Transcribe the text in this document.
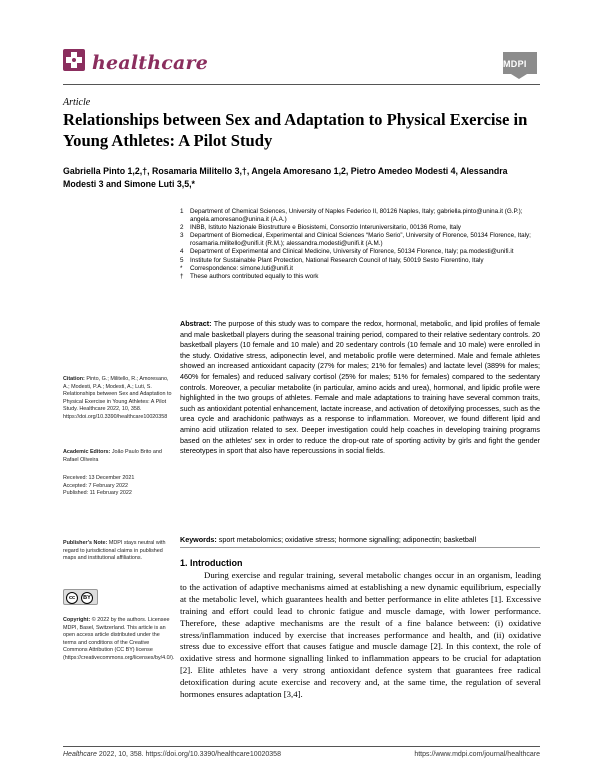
healthcare	MDPI
Article
Relationships between Sex and Adaptation to Physical Exercise in Young Athletes: A Pilot Study
Gabriella Pinto 1,2,†, Rosamaria Militello 3,†, Angela Amoresano 1,2, Pietro Amedeo Modesti 4, Alessandra Modesti 3 and Simone Luti 3,5,*
1 Department of Chemical Sciences, University of Naples Federico II, 80126 Naples, Italy; gabriella.pinto@unina.it (G.P.); angela.amoresano@unina.it (A.A.)
2 INBB, Istituto Nazionale Biostrutture e Biosistemi, Consorzio Interuniversitario, 00136 Rome, Italy
3 Department of Biomedical, Experimental and Clinical Sciences “Mario Serio”, University of Florence, 50134 Florence, Italy; rosamaria.militello@unifi.it (R.M.); alessandra.modesti@unifi.it (A.M.)
4 Department of Experimental and Clinical Medicine, University of Florence, 50134 Florence, Italy; pa.modesti@unifi.it
5 Institute for Sustainable Plant Protection, National Research Council of Italy, 50019 Sesto Fiorentino, Italy
* Correspondence: simone.luti@unifi.it
† These authors contributed equally to this work
Abstract: The purpose of this study was to compare the redox, hormonal, metabolic, and lipid profiles of female and male basketball players during the seasonal training period, compared to their relative sedentary controls. 20 basketball players (10 female and 10 male) and 20 sedentary controls (10 female and 10 male) were enrolled in the study. Oxidative stress, adiponectin level, and metabolic profile were determined. Male and female athletes showed an increased antioxidant capacity (27% for males; 21% for females) and lactate level (389% for males; 460% for females) and reduced salivary cortisol (25% for males; 51% for females) compared to the sedentary controls. Moreover, a peculiar metabolite (in particular, amino acids and urea), hormonal, and lipidic profile were highlighted in the two groups of athletes. Female and male adaptations to training have several common traits, such as antioxidant potential enhancement, lactate increase, and activation of detoxifying processes, such as the urea cycle and arachidonic pathways as a response to inflammation. Moreover, we found different lipid and amino acid utilization related to sex. Deeper investigation could help coaches in developing training programs based on the athletes’ sex in order to reduce the drop-out rate of sporting activity by girls and fight the gender stereotypes in sport that also have repercussions in social fields.
Keywords: sport metabolomics; oxidative stress; hormone signalling; adiponectin; basketball
1. Introduction

During exercise and regular training, several metabolic changes occur in an organism, leading to the activation of adaptive mechanisms aimed at establishing a new dynamic equilibrium, especially at the metabolic level, which guarantees health and better performance in elite athletes [1]. Excessive training and effort could lead to chronic fatigue and muscle damage, with lower performance. Therefore, these adaptive mechanisms are the result of a fine balance between: (i) oxidative stress/inflammation induced by exercise that increases performance and health, and (ii) oxidative stress due to excessive effort that causes fatigue and muscle damage [2]. In this context, the role of oxidative stress and hormone signalling linked to inflammation appears to be crucial for adaptation [2]. Elite athletes have a very strong antioxidant defence system that guarantees free radical detoxification during acute exercise and recovery and, at the same time, the regulation of several hormones ensures adaptation [3,4].

Citation: Pinto, G.; Militello, R.; Amoresano, A.; Modesti, P.A.; Modesti, A.; Luti, S. Relationships between Sex and Adaptation to Physical Exercise in Young Athletes: A Pilot Study. Healthcare 2022, 10, 358. https://doi.org/10.3390/healthcare10020358
Academic Editors: João Paulo Brito and Rafael Oliveira
Received: 13 December 2021
Accepted: 7 February 2022
Published: 11 February 2022
Publisher’s Note: MDPI stays neutral with regard to jurisdictional claims in published maps and institutional affiliations.
cc	BY
Copyright: © 2022 by the authors. Licensee MDPI, Basel, Switzerland. This article is an open access article distributed under the terms and conditions of the Creative Commons Attribution (CC BY) license (https://creativecommons.org/licenses/by/4.0/).
Healthcare 2022, 10, 358. https://doi.org/10.3390/healthcare10020358	https://www.mdpi.com/journal/healthcare
